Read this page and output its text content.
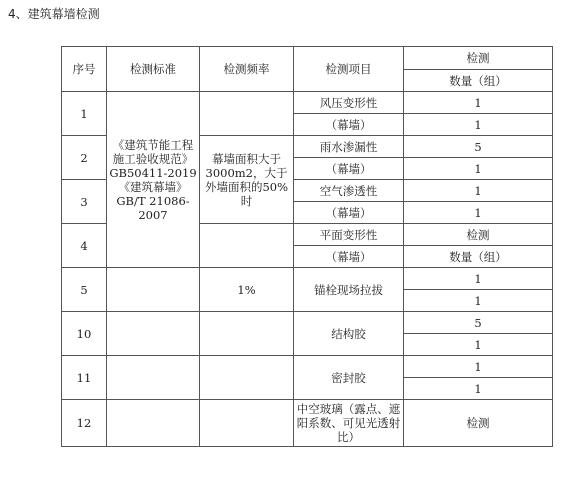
4、建筑幕墙检测
序号	检测标准	检测频率	检测项目	检测
				数量（组）
1	《建筑节能工程施工验收规范》GB50411-2019《建筑幕墙》GB/T 21086-2007		风压变形性	1
			（幕墙）	1
2		幕墙面积大于3000m2，大于外墙面积的50%时	雨水渗漏性	5
			（幕墙）	1
3			空气渗透性	1
			（幕墙）	1
4			平面变形性	检测
			（幕墙）	数量（组）
5		1%	锚栓现场拉拔	1
				1
10			结构胶	5
				1
11			密封胶	1
				1
12			中空玻璃（露点、遮阳系数、可见光透射比）	检测
